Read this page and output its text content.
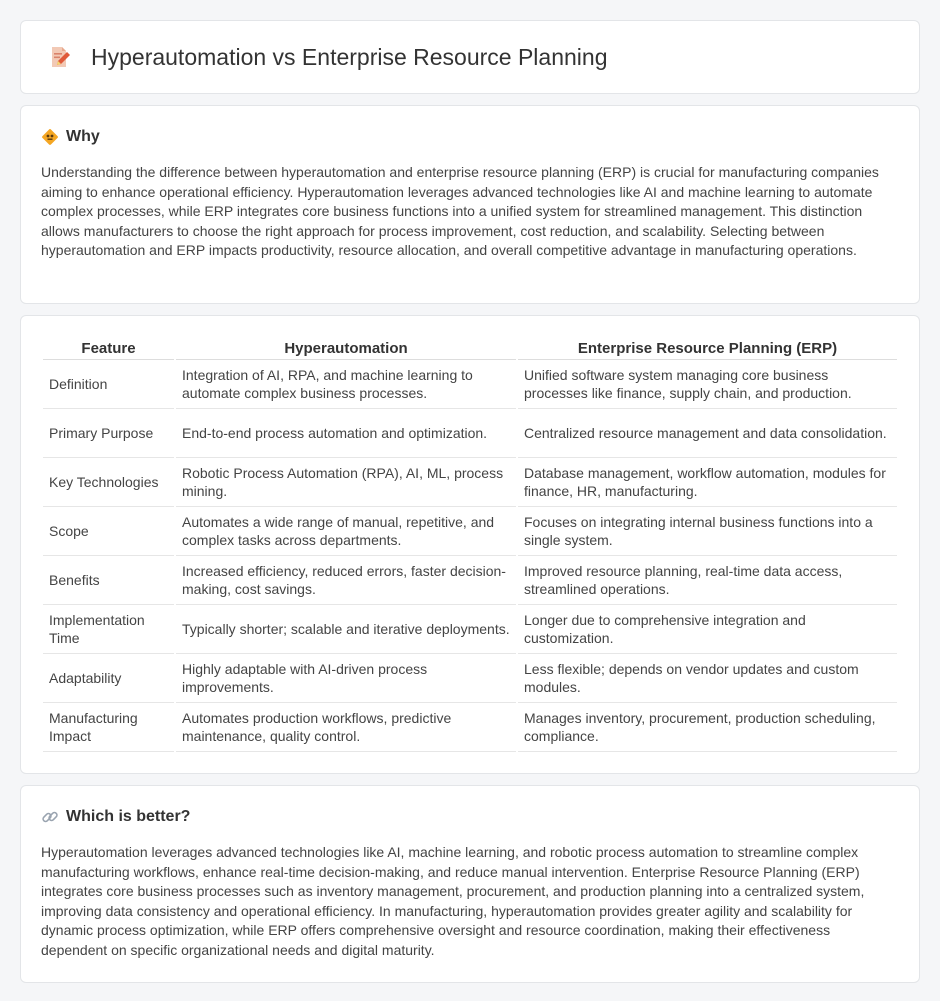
Hyperautomation vs Enterprise Resource Planning
Why

Understanding the difference between hyperautomation and enterprise resource planning (ERP) is crucial for manufacturing companies aiming to enhance operational efficiency. Hyperautomation leverages advanced technologies like AI and machine learning to automate complex processes, while ERP integrates core business functions into a unified system for streamlined management. This distinction allows manufacturers to choose the right approach for process improvement, cost reduction, and scalability. Selecting between hyperautomation and ERP impacts productivity, resource allocation, and overall competitive advantage in manufacturing operations.

Feature	Hyperautomation	Enterprise Resource Planning (ERP)
Definition	Integration of AI, RPA, and machine learning to automate complex business processes.	Unified software system managing core business processes like finance, supply chain, and production.
Primary Purpose	End-to-end process automation and optimization.	Centralized resource management and data consolidation.
Key Technologies	Robotic Process Automation (RPA), AI, ML, process mining.	Database management, workflow automation, modules for finance, HR, manufacturing.
Scope	Automates a wide range of manual, repetitive, and complex tasks across departments.	Focuses on integrating internal business functions into a single system.
Benefits	Increased efficiency, reduced errors, faster decision-making, cost savings.	Improved resource planning, real-time data access, streamlined operations.
Implementation Time	Typically shorter; scalable and iterative deployments.	Longer due to comprehensive integration and customization.
Adaptability	Highly adaptable with AI-driven process improvements.	Less flexible; depends on vendor updates and custom modules.
Manufacturing Impact	Automates production workflows, predictive maintenance, quality control.	Manages inventory, procurement, production scheduling, compliance.
Which is better?

Hyperautomation leverages advanced technologies like AI, machine learning, and robotic process automation to streamline complex manufacturing workflows, enhance real-time decision-making, and reduce manual intervention. Enterprise Resource Planning (ERP) integrates core business processes such as inventory management, procurement, and production planning into a centralized system, improving data consistency and operational efficiency. In manufacturing, hyperautomation provides greater agility and scalability for dynamic process optimization, while ERP offers comprehensive oversight and resource coordination, making their effectiveness dependent on specific organizational needs and digital maturity.
